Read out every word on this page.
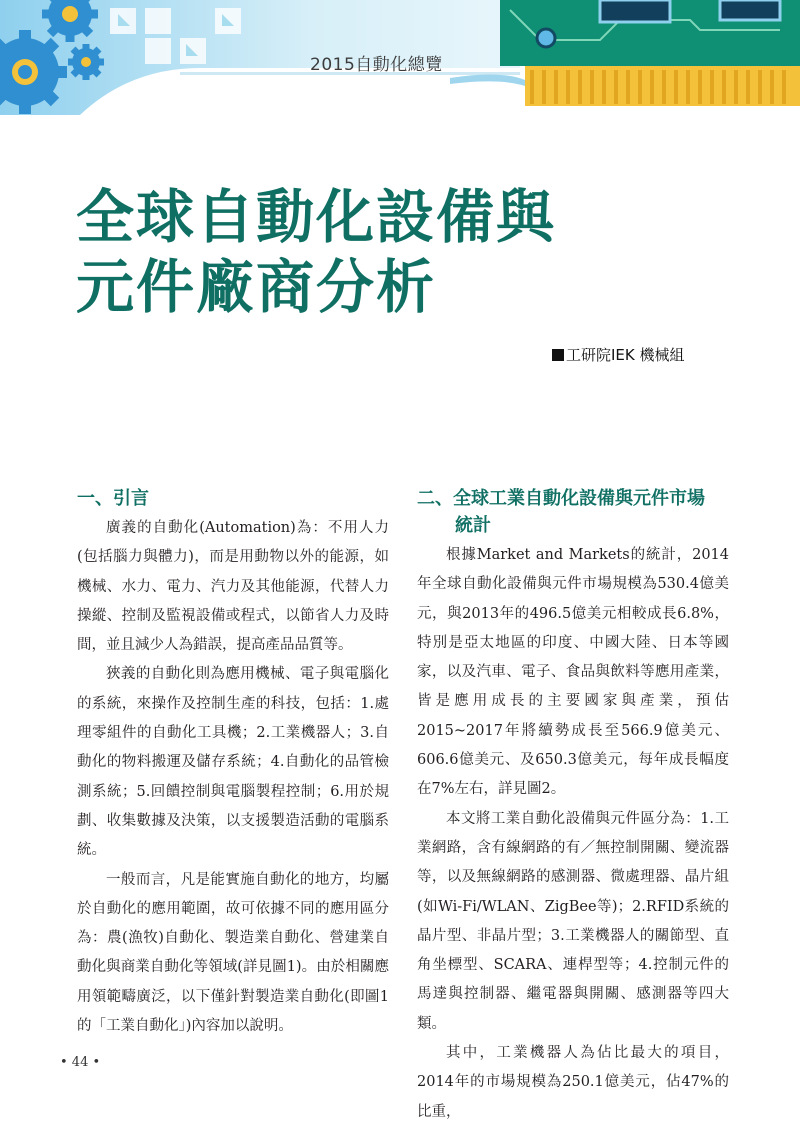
2015自動化總覽
全球自動化設備與
元件廠商分析
工研院IEK 機械組
一、引言

廣義的自動化(Automation)為：不用人力(包括腦力與體力)，而是用動物以外的能源，如機械、水力、電力、汽力及其他能源，代替人力操縱、控制及監視設備或程式，以節省人力及時間，並且減少人為錯誤，提高產品品質等。

狹義的自動化則為應用機械、電子與電腦化的系統，來操作及控制生產的科技，包括：1.處理零組件的自動化工具機；2.工業機器人；3.自動化的物料搬運及儲存系統；4.自動化的品管檢測系統；5.回饋控制與電腦製程控制；6.用於規劃、收集數據及決策，以支援製造活動的電腦系統。

一般而言，凡是能實施自動化的地方，均屬於自動化的應用範圍，故可依據不同的應用區分為：農(漁牧)自動化、製造業自動化、營建業自動化與商業自動化等領域(詳見圖1)。由於相關應用領範疇廣泛，以下僅針對製造業自動化(即圖1的「工業自動化」)內容加以說明。

二、全球工業自動化設備與元件市場
統計

根據Market and Markets的統計，2014年全球自動化設備與元件市場規模為530.4億美元，與2013年的496.5億美元相較成長6.8%，特別是亞太地區的印度、中國大陸、日本等國家，以及汽車、電子、食品與飲料等應用產業，皆是應用成長的主要國家與產業，預估2015~2017年將續勢成長至566.9億美元、606.6億美元、及650.3億美元，每年成長幅度在7%左右，詳見圖2。

本文將工業自動化設備與元件區分為：1.工業網路，含有線網路的有／無控制開關、變流器等，以及無線網路的感測器、微處理器、晶片組(如Wi-Fi/WLAN、ZigBee等)；2.RFID系統的晶片型、非晶片型；3.工業機器人的關節型、直角坐標型、SCARA、連桿型等；4.控制元件的馬達與控制器、繼電器與開關、感測器等四大類。

其中，工業機器人為佔比最大的項目，2014年的市場規模為250.1億美元，佔47%的比重，

• 44 •
